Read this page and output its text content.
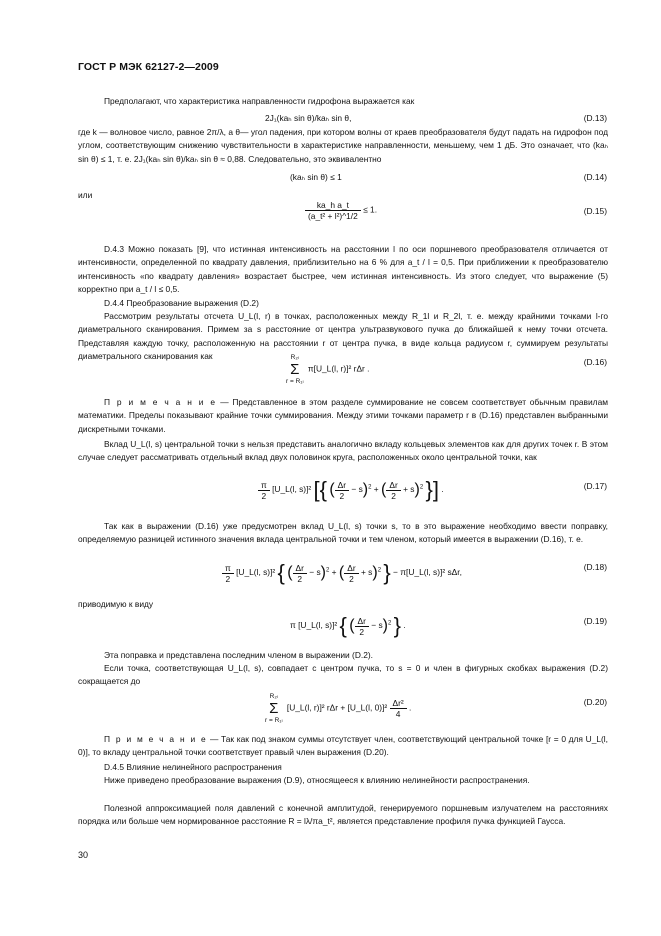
ГОСТ Р МЭК 62127-2—2009
Предполагают, что характеристика направленности гидрофона выражается как
2J₁(kaₕ sin θ)/kaₕ sin θ,	(D.13)
где k — волновое число, равное 2π/λ, а θ— угол падения, при котором волны от краев преобразователя будут падать на гидрофон под углом, соответствующим снижению чувствительности в характеристике направленности, меньшему, чем 1 дБ. Это означает, что (kaₕ sin θ) ≤ 1, т. е. 2J₁(kaₕ sin θ)/kaₕ sin θ ≈ 0,88. Следовательно, это эквивалентно
(kaₕ sin θ) ≤ 1	(D.14)
или
$\frac{\text{ka\_h a\_t}}{\text{(a\_t² + l²)\textasciicircum{}1/2}} \le 1$.	(D.15)
D.4.3 Можно показать [9], что истинная интенсивность на расстоянии l по оси поршневого преобразователя отличается от интенсивности, определенной по квадрату давления, приблизительно на 6 % для a_t / l = 0,5. При приближении к преобразователю интенсивность «по квадрату давления» возрастает быстрее, чем истинная интенсивность. Из этого следует, что выражение (5) корректно при a_t / l ≤ 0,5.
D.4.4 Преобразование выражения (D.2)
Рассмотрим результаты отсчета U_L(l, r) в точках, расположенных между R_1l и R_2l, т. е. между крайними точками l-го диаметрального сканирования. Примем за s расстояние от центра ультразвукового пучка до ближайшей к нему точки отсчета. Представляя каждую точку, расположенную на расстоянии r от центра пучка, в виде кольца радиусом r, суммируем результаты диаметрального сканирования как	R₂ₗ
Σ
r = R₁ₗ
π[U_L(l, r)]² rΔr .
(D.16)
П р и м е ч а н и е — Представленное в этом разделе суммирование не совсем соответствует обычным правилам математики. Пределы показывают крайние точки суммирования. Между этими точками параметр r в (D.16) представлен выбранными дискретными точками.
Вклад U_L(l, s) центральной точки s нельзя представить аналогично вкладу кольцевых элементов как для других точек r. В этом случае следует рассматривать отдельный вклад двух половинок круга, расположенных около центральной точки, как
$\frac{\pi}{2}$ [U_L(l, s)]² [{ ( $\frac{\Delta r}{2} - s)^2$ + ( $\frac{\Delta r}{2} + s)^2$ }] .	(D.17)
Так как в выражении (D.16) уже предусмотрен вклад U_L(l, s) точки s, то в это выражение необходимо ввести поправку, определяемую разницей истинного значения вклада центральной точки и тем членом, который имеется в выражении (D.16), т. е.
$\frac{\pi}{2}$ [U_L(l, s)]² { ( $\frac{\Delta r}{2} - s)^2$ + ( $\frac{\Delta r}{2} + s)^2$ } − π[U_L(l, s)]² sΔr,
(D.18)
приводимую к виду
π [U_L(l, s)]² { ( $\frac{\Delta r}{2} - s)^2$ } .	(D.19)
Эта поправка и представлена последним членом в выражении (D.2).
Если точка, соответствующая U_L(l, s), совпадает с центром пучка, то s = 0 и член в фигурных скобках выражения (D.2) сокращается до
R₂ₗ
Σ
r = R₁ₗ
[U_L(l, r)]² rΔr + [U_L(l, $0)]^2 \frac{\text{Δr²}}{4}$ .
(D.20)
П р и м е ч а н и е — Так как под знаком суммы отсутствует член, соответствующий центральной точке [r = 0 для U_L(l, 0)], то вкладу центральной точки соответствует правый член выражения (D.20).
D.4.5 Влияние нелинейного распространения
Ниже приведено преобразование выражения (D.9), относящееся к влиянию нелинейности распространения.
Полезной аппроксимацией поля давлений с конечной амплитудой, генерируемого поршневым излучателем на расстояниях порядка или больше чем нормированное расстояние R = lλ/πa_t², является представление профиля пучка функцией Гаусса.
30
